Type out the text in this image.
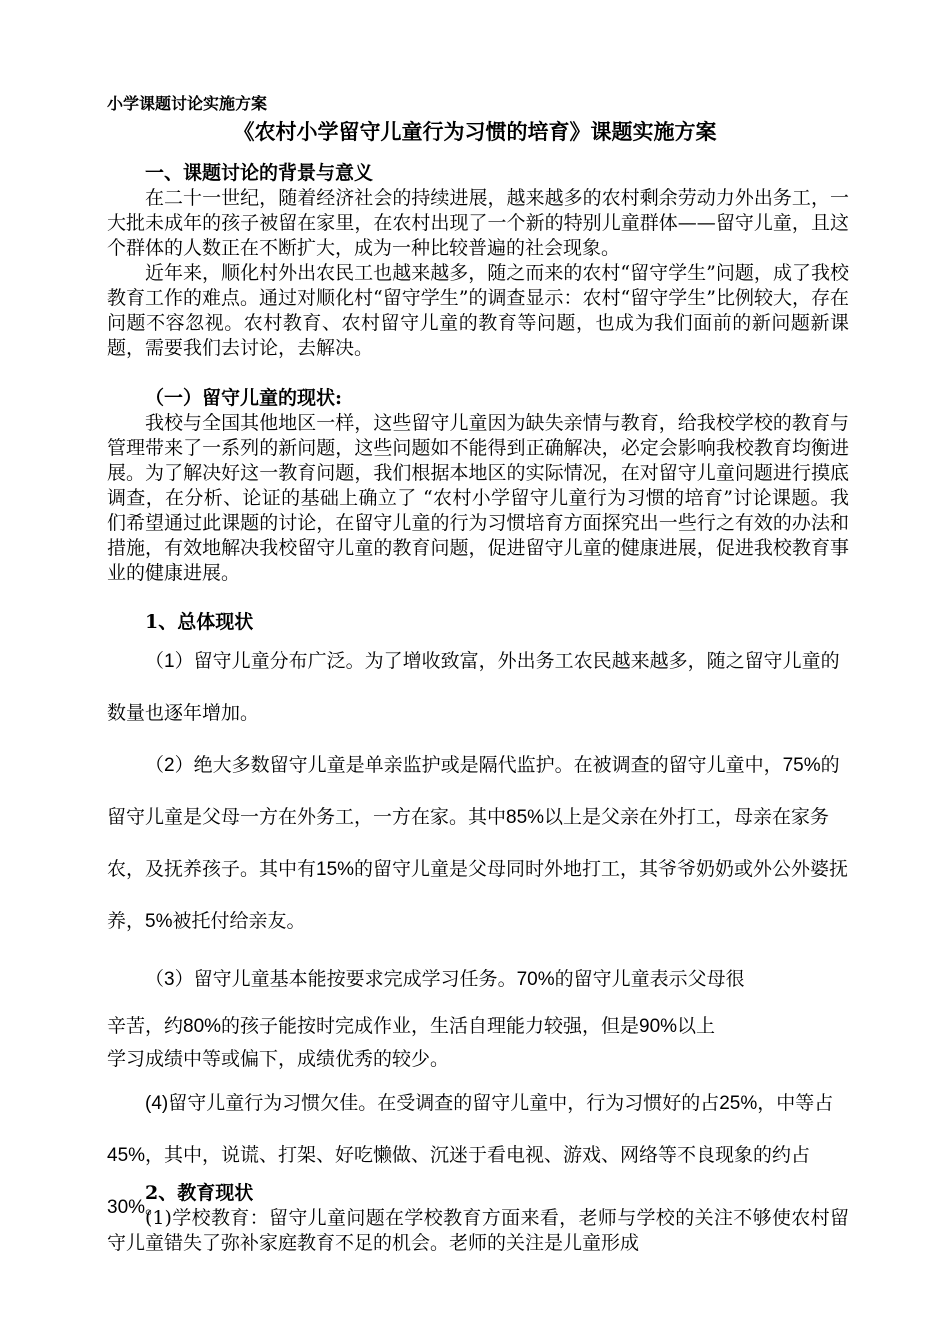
小学课题讨论实施方案
《农村小学留守儿童行为习惯的培育》课题实施方案
一、课题讨论的背景与意义
在二十一世纪，随着经济社会的持续进展，越来越多的农村剩余劳动力外出务工，一大批未成年的孩子被留在家里，在农村出现了一个新的特别儿童群体——留守儿童，且这个群体的人数正在不断扩大，成为一种比较普遍的社会现象。
近年来，顺化村外出农民工也越来越多，随之而来的农村“留守学生”问题，成了我校教育工作的难点。通过对顺化村“留守学生”的调查显示：农村“留守学生”比例较大，存在问题不容忽视。农村教育、农村留守儿童的教育等问题，也成为我们面前的新问题新课题，需要我们去讨论，去解决。
（一）留守儿童的现状:
我校与全国其他地区一样，这些留守儿童因为缺失亲情与教育，给我校学校的教育与管理带来了一系列的新问题，这些问题如不能得到正确解决，必定会影响我校教育均衡进展。为了解决好这一教育问题，我们根据本地区的实际情况，在对留守儿童问题进行摸底调查，在分析、论证的基础上确立了 “农村小学留守儿童行为习惯的培育”讨论课题。我们希望通过此课题的讨论，在留守儿童的行为习惯培育方面探究出一些行之有效的办法和措施，有效地解决我校留守儿童的教育问题，促进留守儿童的健康进展，促进我校教育事业的健康进展。
1、总体现状
（1）留守儿童分布广泛。为了增收致富，外出务工农民越来越多，随之留守儿童的数量也逐年增加。
（2）绝大多数留守儿童是单亲监护或是隔代监护。在被调查的留守儿童中，75%的留守儿童是父母一方在外务工，一方在家。其中85%以上是父亲在外打工，母亲在家务农，及抚养孩子。其中有15%的留守儿童是父母同时外地打工，其爷爷奶奶或外公外婆抚养，5%被托付给亲友。
（3）留守儿童基本能按要求完成学习任务。70%的留守儿童表示父母很
辛苦，约80%的孩子能按时完成作业，生活自理能力较强，但是90%以上
学习成绩中等或偏下，成绩优秀的较少。
(4)留守儿童行为习惯欠佳。在受调查的留守儿童中，行为习惯好的占25%，中等占45%，其中，说谎、打架、好吃懒做、沉迷于看电视、游戏、网络等不良现象的约占30%。
2、教育现状
(1)学校教育：留守儿童问题在学校教育方面来看，老师与学校的关注不够使农村留守儿童错失了弥补家庭教育不足的机会。老师的关注是儿童形成
